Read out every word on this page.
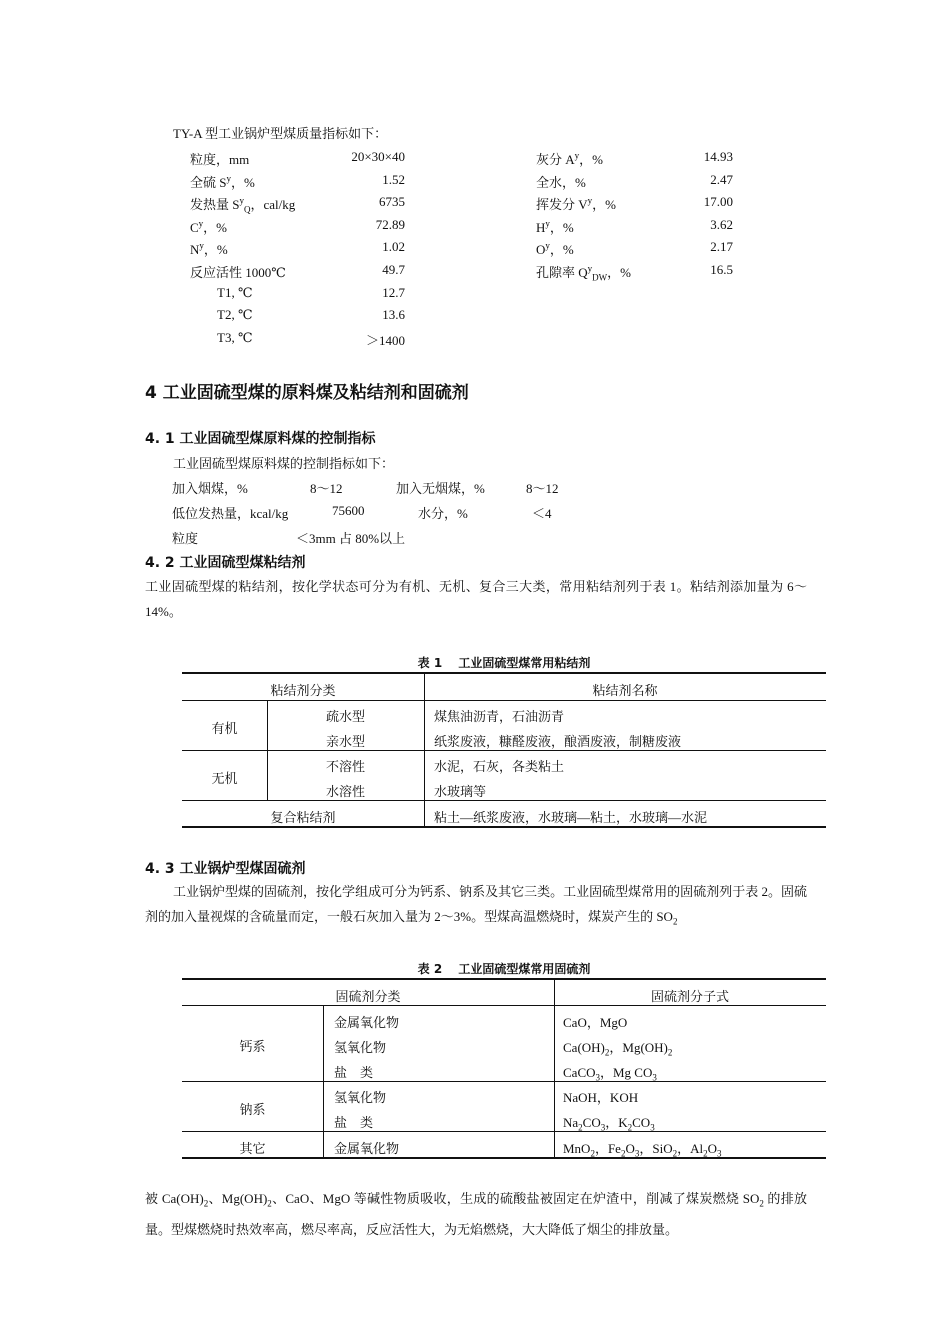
TY-A 型工业锅炉型煤质量指标如下：
粒度，mm	20×30×40
全硫 $S^y$，%	1.52
发热量 $S^y_Q$，cal/kg	6735
$C^y$，%	72.89
$N^y$，%	1.02
反应活性 1000℃	49.7
T1, ℃	12.7
T2, ℃	13.6
T3, ℃	＞1400
灰分 $A^y$，%	14.93
全水，%	2.47
挥发分 $V^y$，%	17.00
$H^y$，%	3.62
$O^y$，%	2.17
孔隙率 $Q^y_{DW}$，%	16.5
4 工业固硫型煤的原料煤及粘结剂和固硫剂
4. 1 工业固硫型煤原料煤的控制指标
工业固硫型煤原料煤的控制指标如下：
加入烟煤，%	8～12	加入无烟煤，%	8～12
低位发热量，kcal/kg	75600	水分，%	＜4
粒度	＜3mm 占 80%以上
4. 2 工业固硫型煤粘结剂
工业固硫型煤的粘结剂，按化学状态可分为有机、无机、复合三大类，常用粘结剂列于表 1。粘结剂添加量为 6～14%。
表 1　 工业固硫型煤常用粘结剂
粘结剂分类	粘结剂名称
有机
疏水型	煤焦油沥青，石油沥青
亲水型	纸浆废液，糠醛废液，酿酒废液，制糖废液
无机
不溶性	水泥，石灰，各类粘土
水溶性	水玻璃等
复合粘结剂	粘土—纸浆废液，水玻璃—粘土，水玻璃—水泥
4. 3 工业锅炉型煤固硫剂
工业锅炉型煤的固硫剂，按化学组成可分为钙系、钠系及其它三类。工业固硫型煤常用的固硫剂列于表 2。固硫剂的加入量视煤的含硫量而定，一般石灰加入量为 2～3%。型煤高温燃烧时，煤炭产生的 $SO_2$
表 2　 工业固硫型煤常用固硫剂
固硫剂分类	固硫剂分子式
钙系
金属氧化物	CaO，MgO
氢氧化物	$Ca(OH)_2$，$Mg(OH)_2$
盐　类	CaCO$_3$，Mg $CO_3$
钠系
氢氧化物	NaOH，KOH
盐　类	$Na_2CO_3$，$K_2CO_3$
其它	金属氧化物	MnO$_2$，$Fe_2O_3$，SiO$_2$，$Al_2O_3$
被 $Ca(OH)_2$、$Mg(OH)_2$、CaO、MgO 等碱性物质吸收，生成的硫酸盐被固定在炉渣中，削减了煤炭燃烧 $SO_2$ 的排放量。型煤燃烧时热效率高，燃尽率高，反应活性大，为无焰燃烧，大大降低了烟尘的排放量。
